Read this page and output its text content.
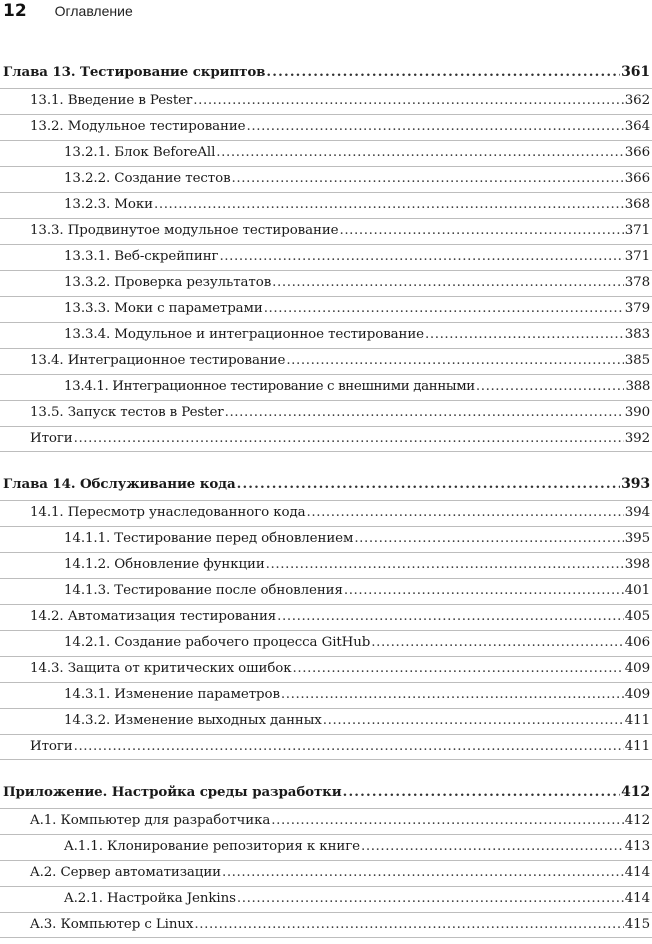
12 Оглавление
Глава 13. Тестирование скриптов .....	361
13.1. Введение в Pester .....	362
13.2. Модульное тестирование .....	364
13.2.1. Блок BeforeAll .....	366
13.2.2. Создание тестов .....	366
13.2.3. Моки .....	368
13.3. Продвинутое модульное тестирование .....	371
13.3.1. Веб-скрейпинг .....	371
13.3.2. Проверка результатов .....	378
13.3.3. Моки с параметрами .....	379
13.3.4. Модульное и интеграционное тестирование .....	383
13.4. Интеграционное тестирование .....	385
13.4.1. Интеграционное тестирование с внешними данными .....	388
13.5. Запуск тестов в Pester .....	390
Итоги .....	392
Глава 14. Обслуживание кода .....	393
14.1. Пересмотр унаследованного кода .....	394
14.1.1. Тестирование перед обновлением .....	395
14.1.2. Обновление функции .....	398
14.1.3. Тестирование после обновления .....	401
14.2. Автоматизация тестирования .....	405
14.2.1. Создание рабочего процесса GitHub .....	406
14.3. Защита от критических ошибок .....	409
14.3.1. Изменение параметров .....	409
14.3.2. Изменение выходных данных .....	411
Итоги .....	411
Приложение. Настройка среды разработки .....	412
A.1. Компьютер для разработчика .....	412
A.1.1. Клонирование репозитория к книге .....	413
A.2. Сервер автоматизации .....	414
A.2.1. Настройка Jenkins .....	414
A.3. Компьютер с Linux .....	415
